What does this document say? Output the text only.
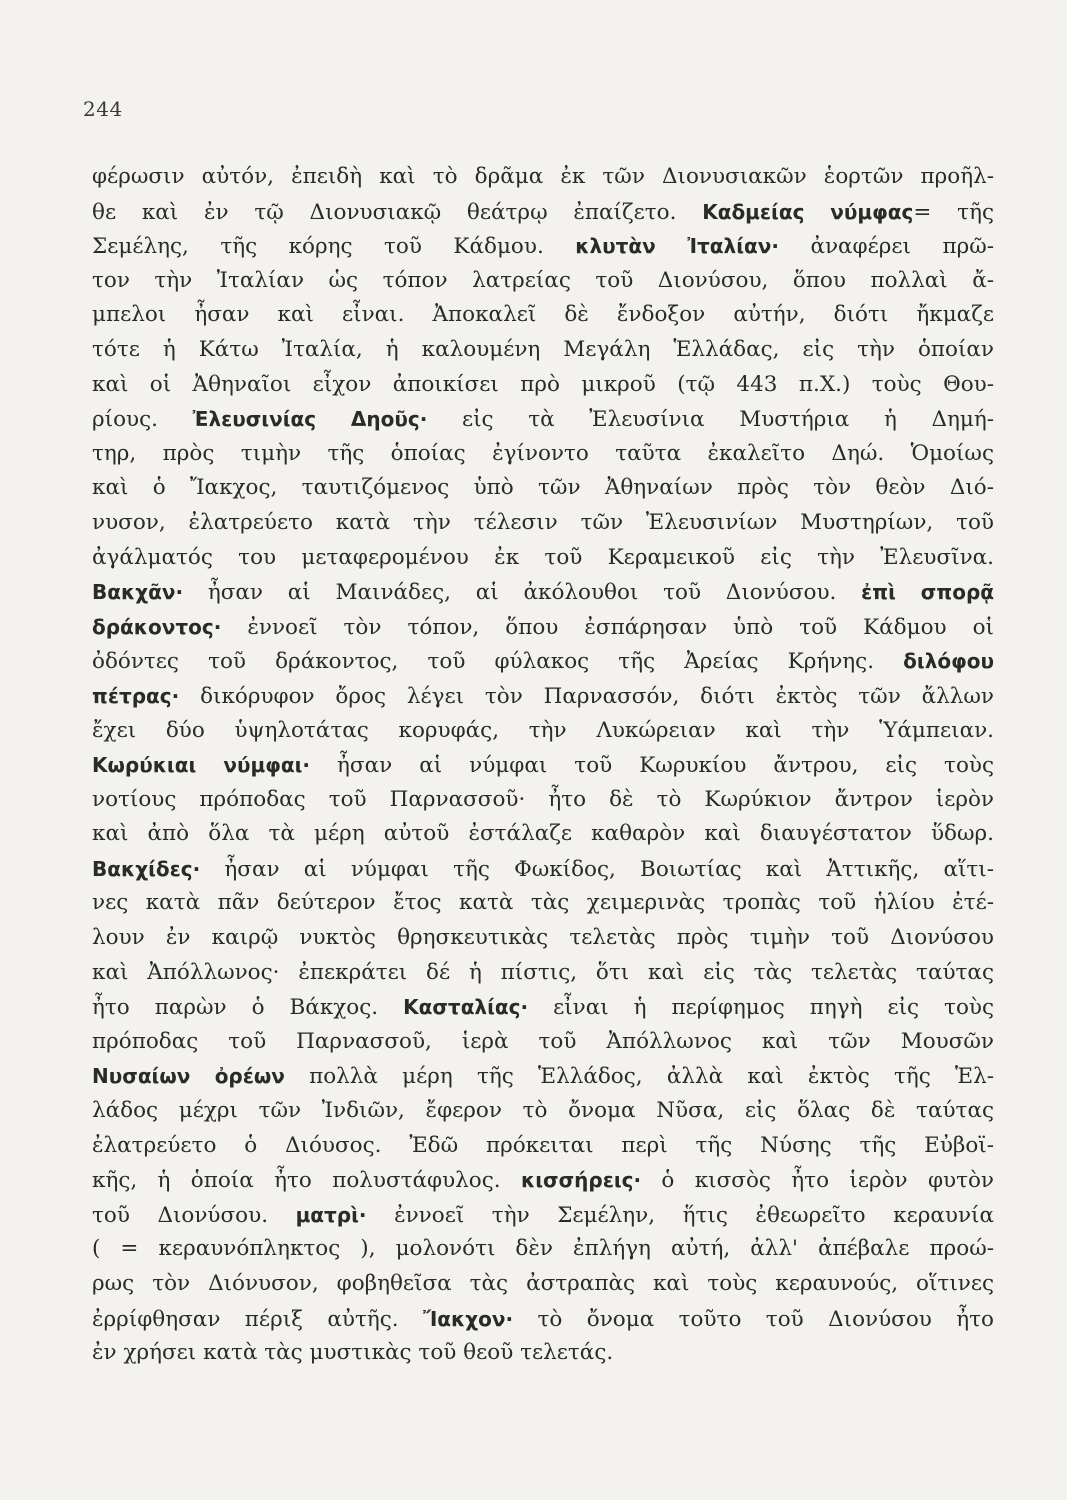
244
φέρωσιν αὐτόν, ἐπειδὴ καὶ τὸ δρᾶμα ἐκ τῶν Διονυσιακῶν ἑορτῶν προῆλ-
θε καὶ ἐν τῷ Διονυσιακῷ θεάτρῳ ἐπαίζετο. Καδμείας νύμφας= τῆς
Σεμέλης, τῆς κόρης τοῦ Κάδμου. κλυτὰν Ἰταλίαν· ἀναφέρει πρῶ-
τον τὴν Ἰταλίαν ὡς τόπον λατρείας τοῦ Διονύσου, ὅπου πολλαὶ ἄ-
μπελοι ἦσαν καὶ εἶναι. Ἀποκαλεῖ δὲ ἔνδοξον αὐτήν, διότι ἤκμαζε
τότε ἡ Κάτω Ἰταλία, ἡ καλουμένη Μεγάλη Ἑλλάδας, εἰς τὴν ὁποίαν
καὶ οἱ Ἀθηναῖοι εἶχον ἀποικίσει πρὸ μικροῦ (τῷ 443 π.Χ.) τοὺς Θου-
ρίους. Ἐλευσινίας Δηοῦς· εἰς τὰ Ἐλευσίνια Μυστήρια ἡ Δημή-
τηρ, πρὸς τιμὴν τῆς ὁποίας ἐγίνοντο ταῦτα ἐκαλεῖτο Δηώ. Ὁμοίως
καὶ ὁ Ἴακχος, ταυτιζόμενος ὑπὸ τῶν Ἀθηναίων πρὸς τὸν θεὸν Διό-
νυσον, ἐλατρεύετο κατὰ τὴν τέλεσιν τῶν Ἐλευσινίων Μυστηρίων, τοῦ
ἀγάλματός του μεταφερομένου ἐκ τοῦ Κεραμεικοῦ εἰς τὴν Ἐλευσῖνα.
Βακχᾶν· ἦσαν αἱ Μαινάδες, αἱ ἀκόλουθοι τοῦ Διονύσου. ἐπὶ σπορᾷ
δράκοντος· ἐννοεῖ τὸν τόπον, ὅπου ἐσπάρησαν ὑπὸ τοῦ Κάδμου οἱ
ὀδόντες τοῦ δράκοντος, τοῦ φύλακος τῆς Ἀρείας Κρήνης. διλόφου
πέτρας· δικόρυφον ὄρος λέγει τὸν Παρνασσόν, διότι ἐκτὸς τῶν ἄλλων
ἔχει δύο ὑψηλοτάτας κορυφάς, τὴν Λυκώρειαν καὶ τὴν Ὑάμπειαν.
Κωρύκιαι νύμφαι· ἦσαν αἱ νύμφαι τοῦ Κωρυκίου ἄντρου, εἰς τοὺς
νοτίους πρόποδας τοῦ Παρνασσοῦ· ἦτο δὲ τὸ Κωρύκιον ἄντρον ἱερὸν
καὶ ἀπὸ ὅλα τὰ μέρη αὐτοῦ ἐστάλαζε καθαρὸν καὶ διαυγέστατον ὕδωρ.
Βακχίδες· ἦσαν αἱ νύμφαι τῆς Φωκίδος, Βοιωτίας καὶ Ἀττικῆς, αἵτι-
νες κατὰ πᾶν δεύτερον ἔτος κατὰ τὰς χειμερινὰς τροπὰς τοῦ ἡλίου ἐτέ-
λουν ἐν καιρῷ νυκτὸς θρησκευτικὰς τελετὰς πρὸς τιμὴν τοῦ Διονύσου
καὶ Ἀπόλλωνος· ἐπεκράτει δέ ἡ πίστις, ὅτι καὶ εἰς τὰς τελετὰς ταύτας
ἦτο παρὼν ὁ Βάκχος. Κασταλίας· εἶναι ἡ περίφημος πηγὴ εἰς τοὺς
πρόποδας τοῦ Παρνασσοῦ, ἱερὰ τοῦ Ἀπόλλωνος καὶ τῶν Μουσῶν
Νυσαίων ὀρέων πολλὰ μέρη τῆς Ἑλλάδος, ἀλλὰ καὶ ἐκτὸς τῆς Ἑλ-
λάδος μέχρι τῶν Ἰνδιῶν, ἔφερον τὸ ὄνομα Νῦσα, εἰς ὅλας δὲ ταύτας
ἐλατρεύετο ὁ Διόυσος. Ἐδῶ πρόκειται περὶ τῆς Νύσης τῆς Εὐβοϊ-
κῆς, ἡ ὁποία ἦτο πολυστάφυλος. κισσήρεις· ὁ κισσὸς ἦτο ἱερὸν φυτὸν
τοῦ Διονύσου. ματρὶ· ἐννοεῖ τὴν Σεμέλην, ἥτις ἐθεωρεῖτο κεραυνία
( = κεραυνόπληκτος ), μολονότι δὲν ἐπλήγη αὐτή, ἀλλ' ἀπέβαλε προώ-
ρως τὸν Διόνυσον, φοβηθεῖσα τὰς ἀστραπὰς καὶ τοὺς κεραυνούς, οἵτινες
ἐρρίφθησαν πέριξ αὐτῆς. Ἴακχον· τὸ ὄνομα τοῦτο τοῦ Διονύσου ἦτο
ἐν χρήσει κατὰ τὰς μυστικὰς τοῦ θεοῦ τελετάς.
